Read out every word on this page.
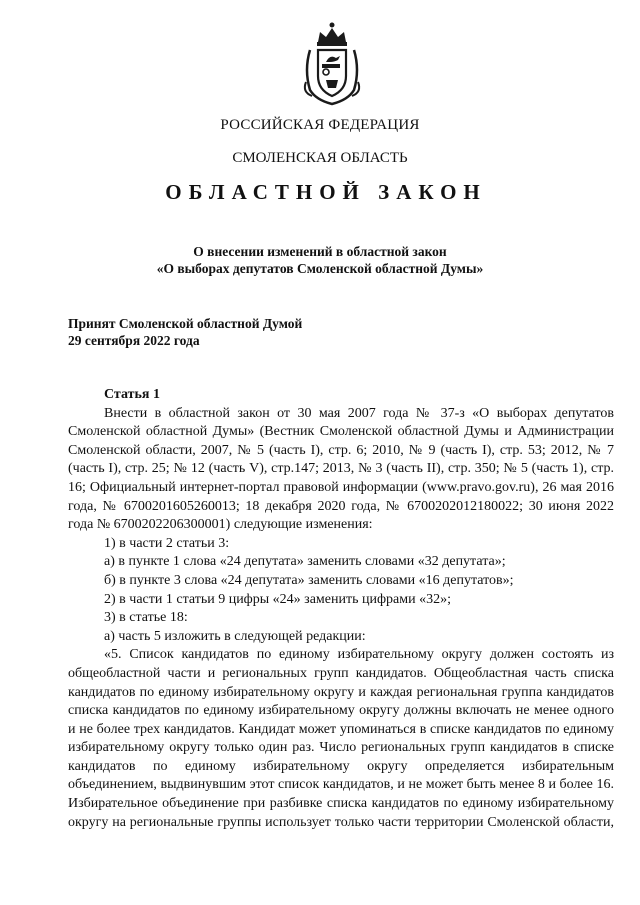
РОССИЙСКАЯ ФЕДЕРАЦИЯ
СМОЛЕНСКАЯ ОБЛАСТЬ
ОБЛАСТНОЙ ЗАКОН
О внесении изменений в областной закон
«О выборах депутатов Смоленской областной Думы»
Принят Смоленской областной Думой
29 сентября 2022 года

Статья 1

Внести в областной закон от 30 мая 2007 года № 37-з «О выборах депутатов Смоленской областной Думы» (Вестник Смоленской областной Думы и Администрации Смоленской области, 2007, № 5 (часть I), стр. 6; 2010, № 9 (часть I), стр. 53; 2012, № 7 (часть I), стр. 25; № 12 (часть V), стр.147; 2013, № 3 (часть II), стр. 350; № 5 (часть 1), стр. 16; Официальный интернет-портал правовой информации (www.pravo.gov.ru), 26 мая 2016 года, № 6700201605260013; 18 декабря 2020 года, № 6700202012180022; 30 июня 2022 года № 6700202206300001) следующие изменения:

1) в части 2 статьи 3:

а) в пункте 1 слова «24 депутата» заменить словами «32 депутата»;

б) в пункте 3 слова «24 депутата» заменить словами «16 депутатов»;

2) в части 1 статьи 9 цифры «24» заменить цифрами «32»;

3) в статье 18:

а) часть 5 изложить в следующей редакции:

«5. Список кандидатов по единому избирательному округу должен состоять из общеобластной части и региональных групп кандидатов. Общеобластная часть списка кандидатов по единому избирательному округу и каждая региональная группа кандидатов списка кандидатов по единому избирательному округу должны включать не менее одного и не более трех кандидатов. Кандидат может упоминаться в списке кандидатов по единому избирательному округу только один раз. Число региональных групп кандидатов в списке кандидатов по единому избирательному округу определяется избирательным объединением, выдвинувшим этот список кандидатов, и не может быть менее 8 и более 16. Избирательное объединение при разбивке списка кандидатов по единому избирательному округу на региональные группы использует только части территории Смоленской области,
